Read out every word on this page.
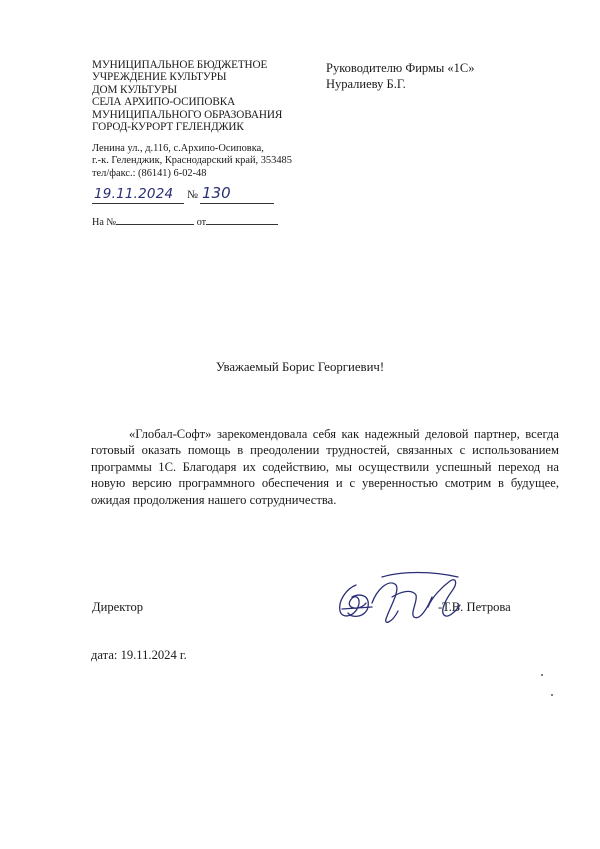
МУНИЦИПАЛЬНОЕ БЮДЖЕТНОЕ
УЧРЕЖДЕНИЕ КУЛЬТУРЫ
ДОМ КУЛЬТУРЫ
СЕЛА АРХИПО-ОСИПОВКА
МУНИЦИПАЛЬНОГО ОБРАЗОВАНИЯ
ГОРОД-КУРОРТ ГЕЛЕНДЖИК
Ленина ул., д.116, с.Архипо-Осиповка,
г.-к. Геленджик, Краснодарский край, 353485
тел/факс.: (86141) 6-02-48
Руководителю Фирмы «1С»
Нуралиеву Б.Г.
19.11.2024	№ 130
На №	от
Уважаемый Борис Георгиевич!
«Глобал-Софт» зарекомендовала себя как надежный деловой партнер, всегда готовый оказать помощь в преодолении трудностей, связанных с использованием программы 1С. Благодаря их содействию, мы осуществили успешный переход на новую версию программного обеспечения и с уверенностью смотрим в будущее, ожидая продолжения нашего сотрудничества.
Директор	-Т.В. Петрова
дата: 19.11.2024 г.
